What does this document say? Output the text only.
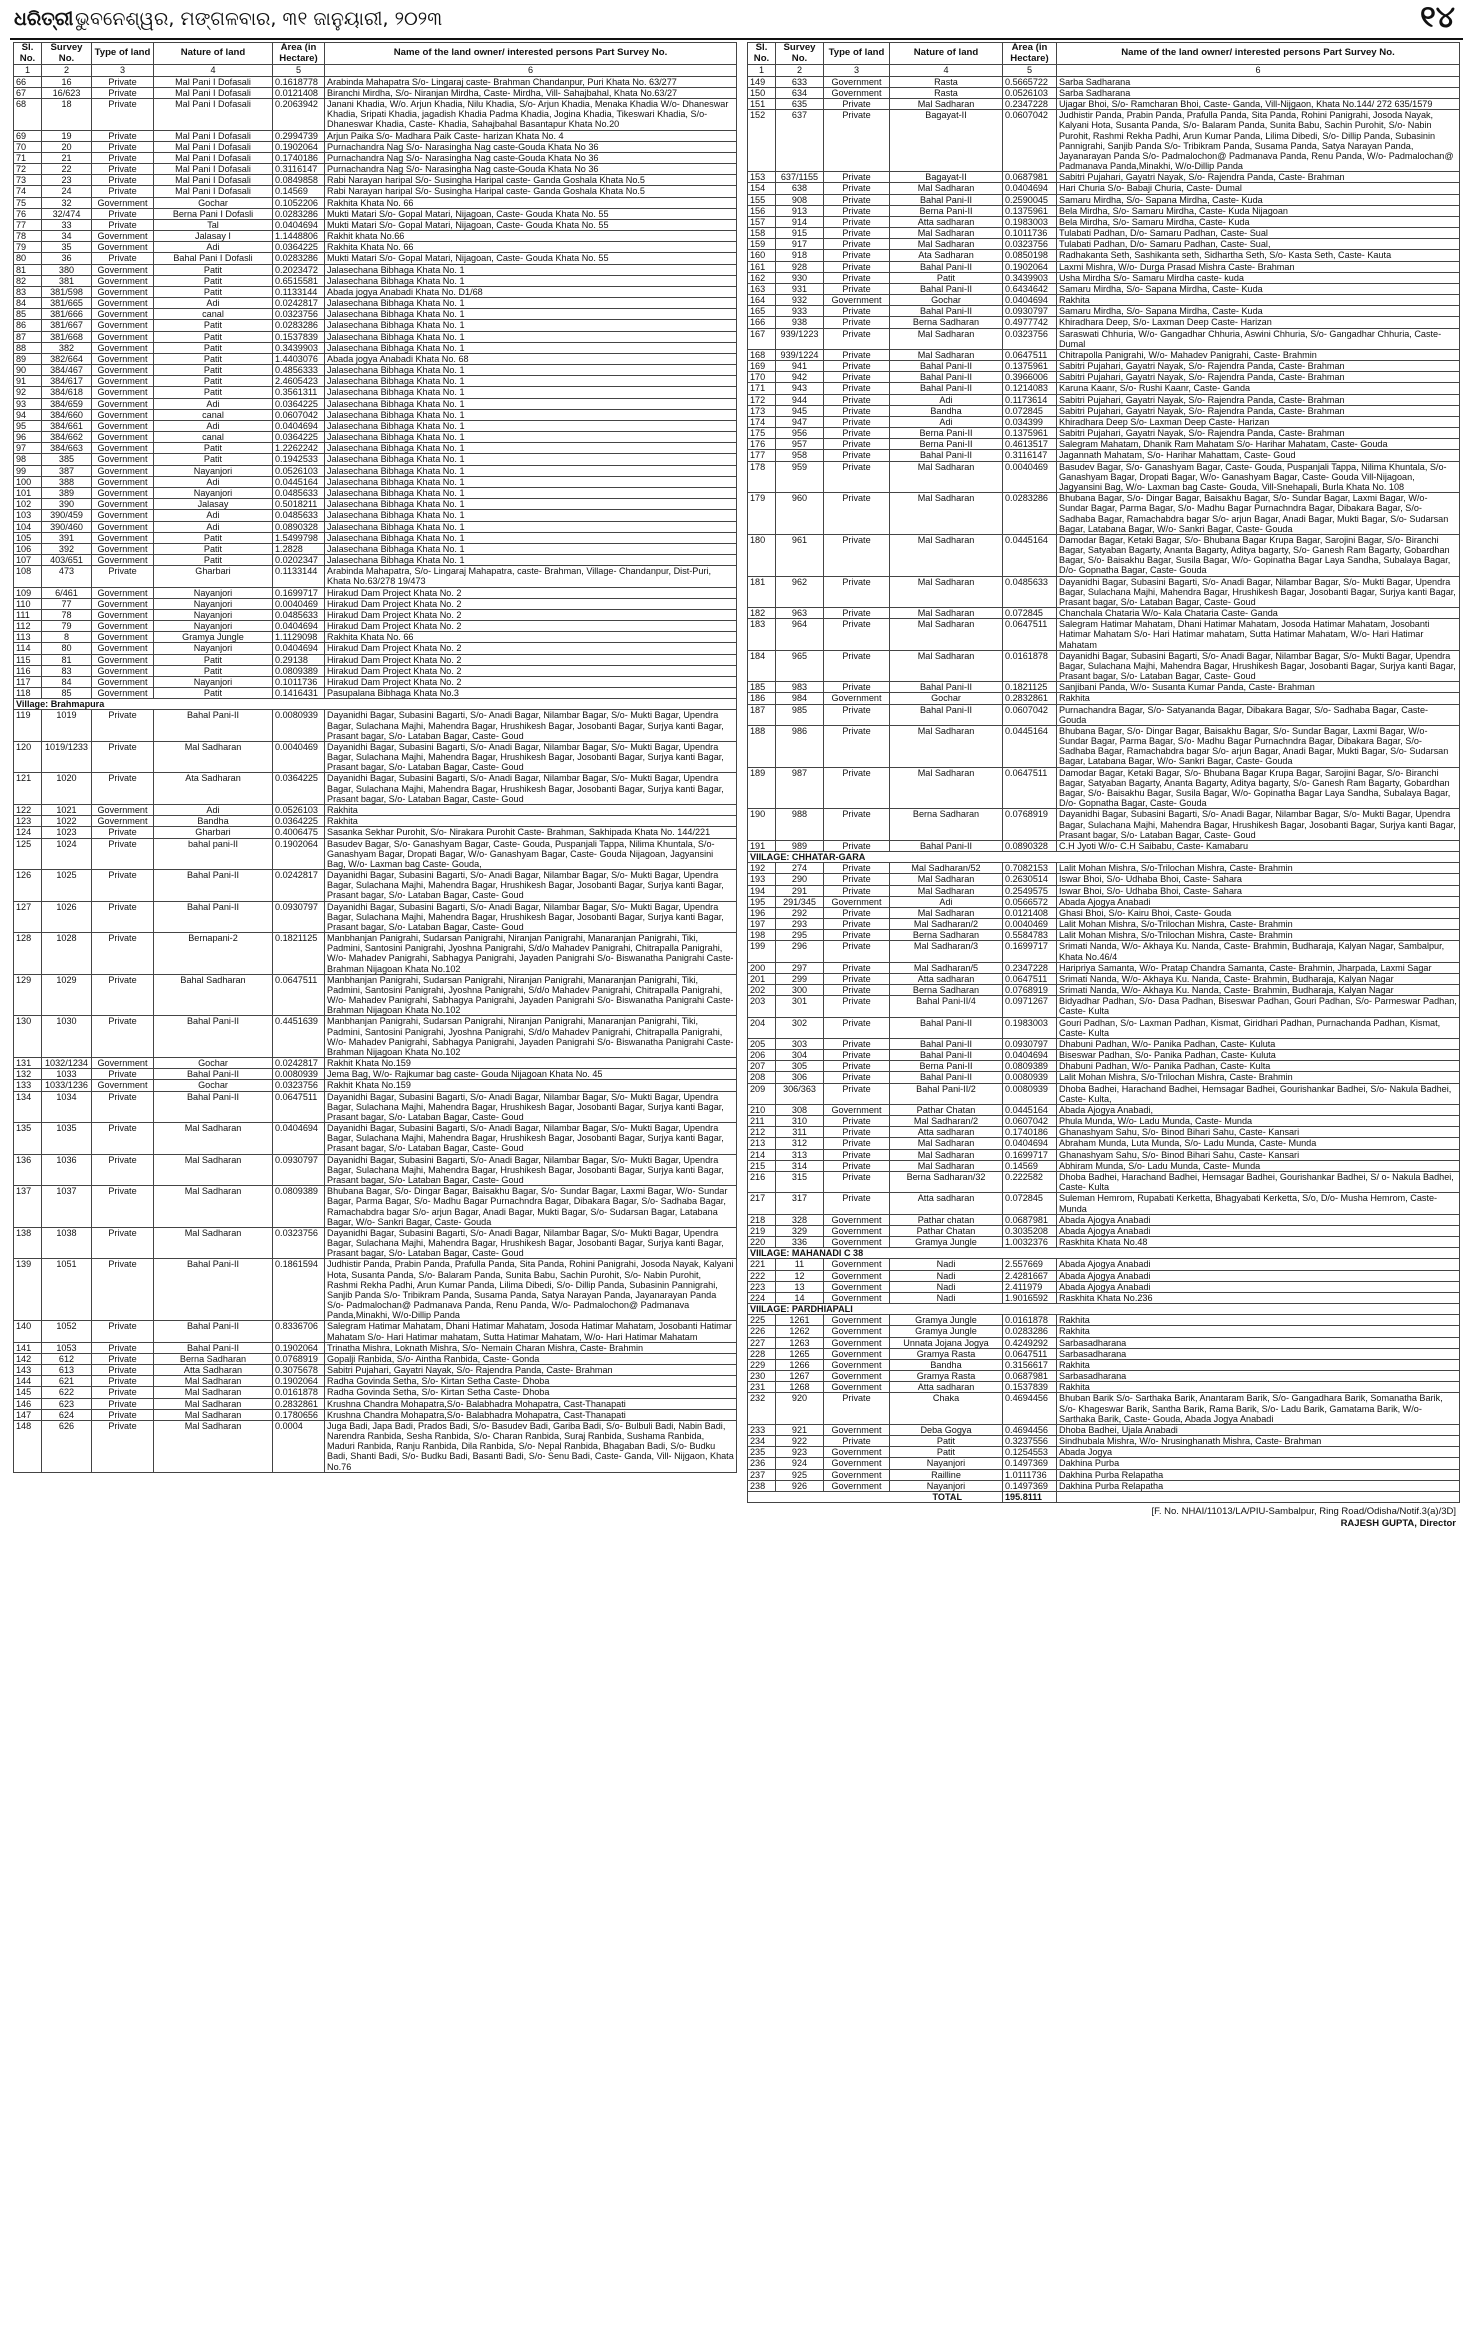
ଧରିତ୍ରୀ ଭୁବନେଶ୍ୱର, ମଙ୍ଗଳବାର, ୩୧ ଜାନୁୟାରୀ, ୨୦୨୩	୧୪
Sl. No.	Survey No.	Type of land	Nature of land	Area (in Hectare)	Name of the land owner/ interested persons Part Survey No.
1	2	3	4	5	6
66	16	Private	Mal Pani I Dofasali	0.1618778	Arabinda Mahapatra S/o- Lingaraj caste- Brahman Chandanpur, Puri Khata No. 63/277
67	16/623	Private	Mal Pani I Dofasali	0.0121408	Biranchi Mirdha, S/o- Niranjan Mirdha, Caste- Mirdha, Vill- Sahajbahal, Khata No.63/27
68	18	Private	Mal Pani I Dofasali	0.2063942	Janani Khadia, W/o. Arjun Khadia, Nilu Khadia, S/o- Arjun Khadia, Menaka Khadia W/o- Dhaneswar Khadia, Sripati Khadia, jagadish Khadia Padma Khadia, Jogina Khadia, Tikeswari Khadia, S/o- Dhaneswar Khadia, Caste- Khadia, Sahajbahal Basantapur Khata No.20
69	19	Private	Mal Pani I Dofasali	0.2994739	Arjun Paika S/o- Madhara Paik Caste- harizan Khata No. 4
70	20	Private	Mal Pani I Dofasali	0.1902064	Purnachandra Nag S/o- Narasingha Nag caste-Gouda Khata No 36
71	21	Private	Mal Pani I Dofasali	0.1740186	Purnachandra Nag S/o- Narasingha Nag caste-Gouda Khata No 36
72	22	Private	Mal Pani I Dofasali	0.3116147	Purnachandra Nag S/o- Narasingha Nag caste-Gouda Khata No 36
73	23	Private	Mal Pani I Dofasali	0.0849858	Rabi Narayan haripal S/o- Susingha Haripal caste- Ganda Goshala Khata No.5
74	24	Private	Mal Pani I Dofasali	0.14569	Rabi Narayan haripal S/o- Susingha Haripal caste- Ganda Goshala Khata No.5
75	32	Government	Gochar	0.1052206	Rakhita Khata No. 66
76	32/474	Private	Berna Pani I Dofasli	0.0283286	Mukti Matari S/o- Gopal Matari, Nijagoan, Caste- Gouda Khata No. 55
77	33	Private	Tal	0.0404694	Mukti Matari S/o- Gopal Matari, Nijagoan, Caste- Gouda Khata No. 55
78	34	Government	Jalasay I	1.1448806	Rakhit khata No.66
79	35	Government	Adi	0.0364225	Rakhita Khata No. 66
80	36	Private	Bahal Pani I Dofasli	0.0283286	Mukti Matari S/o- Gopal Matari, Nijagoan, Caste- Gouda Khata No. 55
81	380	Government	Patit	0.2023472	Jalasechana Bibhaga Khata No. 1
82	381	Government	Patit	0.6515581	Jalasechana Bibhaga Khata No. 1
83	381/598	Government	Patit	0.1133144	Abada jogya Anabadi Khata No. D1/68
84	381/665	Government	Adi	0.0242817	Jalasechana Bibhaga Khata No. 1
85	381/666	Government	canal	0.0323756	Jalasechana Bibhaga Khata No. 1
86	381/667	Government	Patit	0.0283286	Jalasechana Bibhaga Khata No. 1
87	381/668	Government	Patit	0.1537839	Jalasechana Bibhaga Khata No. 1
88	382	Government	Patit	0.3439903	Jalasechana Bibhaga Khata No. 1
89	382/664	Government	Patit	1.4403076	Abada jogya Anabadi Khata No. 68
90	384/467	Government	Patit	0.4856333	Jalasechana Bibhaga Khata No. 1
91	384/617	Government	Patit	2.4605423	Jalasechana Bibhaga Khata No. 1
92	384/618	Government	Patit	0.3561311	Jalasechana Bibhaga Khata No. 1
93	384/659	Government	Adi	0.0364225	Jalasechana Bibhaga Khata No. 1
94	384/660	Government	canal	0.0607042	Jalasechana Bibhaga Khata No. 1
95	384/661	Government	Adi	0.0404694	Jalasechana Bibhaga Khata No. 1
96	384/662	Government	canal	0.0364225	Jalasechana Bibhaga Khata No. 1
97	384/663	Government	Patit	1.2262242	Jalasechana Bibhaga Khata No. 1
98	385	Government	Patit	0.1942533	Jalasechana Bibhaga Khata No. 1
99	387	Government	Nayanjori	0.0526103	Jalasechana Bibhaga Khata No. 1
100	388	Government	Adi	0.0445164	Jalasechana Bibhaga Khata No. 1
101	389	Government	Nayanjori	0.0485633	Jalasechana Bibhaga Khata No. 1
102	390	Government	Jalasay	0.5018211	Jalasechana Bibhaga Khata No. 1
103	390/459	Government	Adi	0.0485633	Jalasechana Bibhaga Khata No. 1
104	390/460	Government	Adi	0.0890328	Jalasechana Bibhaga Khata No. 1
105	391	Government	Patit	1.5499798	Jalasechana Bibhaga Khata No. 1
106	392	Government	Patit	1.2828	Jalasechana Bibhaga Khata No. 1
107	403/651	Government	Patit	0.0202347	Jalasechana Bibhaga Khata No. 1
108	473	Private	Gharbari	0.1133144	Arabinda Mahapatra, S/o- Lingaraj Mahapatra, caste- Brahman, Village- Chandanpur, Dist-Puri, Khata No.63/278 19/473
109	6/461	Government	Nayanjori	0.1699717	Hirakud Dam Project Khata No. 2
110	77	Government	Nayanjori	0.0040469	Hirakud Dam Project Khata No. 2
111	78	Government	Nayanjori	0.0485633	Hirakud Dam Project Khata No. 2
112	79	Government	Nayanjori	0.0404694	Hirakud Dam Project Khata No. 2
113	8	Government	Gramya Jungle	1.1129098	Rakhita Khata No. 66
114	80	Government	Nayanjori	0.0404694	Hirakud Dam Project Khata No. 2
115	81	Government	Patit	0.29138	Hirakud Dam Project Khata No. 2
116	83	Government	Patit	0.0809389	Hirakud Dam Project Khata No. 2
117	84	Government	Nayanjori	0.1011736	Hirakud Dam Project Khata No. 2
118	85	Government	Patit	0.1416431	Pasupalana Bibhaga Khata No.3
Village: Brahmapura					
119	1019	Private	Bahal Pani-II	0.0080939	Dayanidhi Bagar, Subasini Bagarti, S/o- Anadi Bagar, Nilambar Bagar, S/o- Mukti Bagar, Upendra Bagar, Sulachana Majhi, Mahendra Bagar, Hrushikesh Bagar, Josobanti Bagar, Surjya kanti Bagar, Prasant bagar, S/o- Lataban Bagar, Caste- Goud
120	1019/1233	Private	Mal Sadharan	0.0040469	Dayanidhi Bagar, Subasini Bagarti, S/o- Anadi Bagar, Nilambar Bagar, S/o- Mukti Bagar, Upendra Bagar, Sulachana Majhi, Mahendra Bagar, Hrushikesh Bagar, Josobanti Bagar, Surjya kanti Bagar, Prasant bagar, S/o- Lataban Bagar, Caste- Goud
121	1020	Private	Ata Sadharan	0.0364225	Dayanidhi Bagar, Subasini Bagarti, S/o- Anadi Bagar, Nilambar Bagar, S/o- Mukti Bagar, Upendra Bagar, Sulachana Majhi, Mahendra Bagar, Hrushikesh Bagar, Josobanti Bagar, Surjya kanti Bagar, Prasant bagar, S/o- Lataban Bagar, Caste- Goud
122	1021	Government	Adi	0.0526103	Rakhita
123	1022	Government	Bandha	0.0364225	Rakhita
124	1023	Private	Gharbari	0.4006475	Sasanka Sekhar Purohit, S/o- Nirakara Purohit Caste- Brahman, Sakhipada Khata No. 144/221
125	1024	Private	bahal pani-II	0.1902064	Basudev Bagar, S/o- Ganashyam Bagar, Caste- Gouda, Puspanjali Tappa, Nilima Khuntala, S/o- Ganashyam Bagar, Dropati Bagar, W/o- Ganashyam Bagar, Caste- Gouda Nijagoan, Jagyansini Bag, W/o- Laxman bag Caste- Gouda,
126	1025	Private	Bahal Pani-II	0.0242817	Dayanidhi Bagar, Subasini Bagarti, S/o- Anadi Bagar, Nilambar Bagar, S/o- Mukti Bagar, Upendra Bagar, Sulachana Majhi, Mahendra Bagar, Hrushikesh Bagar, Josobanti Bagar, Surjya kanti Bagar, Prasant bagar, S/o- Lataban Bagar, Caste- Goud
127	1026	Private	Bahal Pani-II	0.0930797	Dayanidhi Bagar, Subasini Bagarti, S/o- Anadi Bagar, Nilambar Bagar, S/o- Mukti Bagar, Upendra Bagar, Sulachana Majhi, Mahendra Bagar, Hrushikesh Bagar, Josobanti Bagar, Surjya kanti Bagar, Prasant bagar, S/o- Lataban Bagar, Caste- Goud
128	1028	Private	Bernapani-2	0.1821125	Manbhanjan Panigrahi, Sudarsan Panigrahi, Niranjan Panigrahi, Manaranjan Panigrahi, Tiki, Padmini, Santosini Panigrahi, Jyoshna Panigrahi, S/d/o Mahadev Panigrahi, Chitrapalla Panigrahi, W/o- Mahadev Panigrahi, Sabhagya Panigrahi, Jayaden Panigrahi S/o- Biswanatha Panigrahi Caste- Brahman Nijagoan Khata No.102
129	1029	Private	Bahal Sadharan	0.0647511	Manbhanjan Panigrahi, Sudarsan Panigrahi, Niranjan Panigrahi, Manaranjan Panigrahi, Tiki, Padmini, Santosini Panigrahi, Jyoshna Panigrahi, S/d/o Mahadev Panigrahi, Chitrapalla Panigrahi, W/o- Mahadev Panigrahi, Sabhagya Panigrahi, Jayaden Panigrahi S/o- Biswanatha Panigrahi Caste- Brahman Nijagoan Khata No.102
130	1030	Private	Bahal Pani-II	0.4451639	Manbhanjan Panigrahi, Sudarsan Panigrahi, Niranjan Panigrahi, Manaranjan Panigrahi, Tiki, Padmini, Santosini Panigrahi, Jyoshna Panigrahi, S/d/o Mahadev Panigrahi, Chitrapalla Panigrahi, W/o- Mahadev Panigrahi, Sabhagya Panigrahi, Jayaden Panigrahi S/o- Biswanatha Panigrahi Caste- Brahman Nijagoan Khata No.102
131	1032/1234	Government	Gochar	0.0242817	Rakhit Khata No.159
132	1033	Private	Bahal Pani-II	0.0080939	Jema Bag, W/o- Rajkumar bag caste- Gouda Nijagoan Khata No. 45
133	1033/1236	Government	Gochar	0.0323756	Rakhit Khata No.159
134	1034	Private	Bahal Pani-II	0.0647511	Dayanidhi Bagar, Subasini Bagarti, S/o- Anadi Bagar, Nilambar Bagar, S/o- Mukti Bagar, Upendra Bagar, Sulachana Majhi, Mahendra Bagar, Hrushikesh Bagar, Josobanti Bagar, Surjya kanti Bagar, Prasant bagar, S/o- Lataban Bagar, Caste- Goud
135	1035	Private	Mal Sadharan	0.0404694	Dayanidhi Bagar, Subasini Bagarti, S/o- Anadi Bagar, Nilambar Bagar, S/o- Mukti Bagar, Upendra Bagar, Sulachana Majhi, Mahendra Bagar, Hrushikesh Bagar, Josobanti Bagar, Surjya kanti Bagar, Prasant bagar, S/o- Lataban Bagar, Caste- Goud
136	1036	Private	Mal Sadharan	0.0930797	Dayanidhi Bagar, Subasini Bagarti, S/o- Anadi Bagar, Nilambar Bagar, S/o- Mukti Bagar, Upendra Bagar, Sulachana Majhi, Mahendra Bagar, Hrushikesh Bagar, Josobanti Bagar, Surjya kanti Bagar, Prasant bagar, S/o- Lataban Bagar, Caste- Goud
137	1037	Private	Mal Sadharan	0.0809389	Bhubana Bagar, S/o- Dingar Bagar, Baisakhu Bagar, S/o- Sundar Bagar, Laxmi Bagar, W/o- Sundar Bagar, Parma Bagar, S/o- Madhu Bagar Purnachndra Bagar, Dibakara Bagar, S/o- Sadhaba Bagar, Ramachabdra bagar S/o- arjun Bagar, Anadi Bagar, Mukti Bagar, S/o- Sudarsan Bagar, Latabana Bagar, W/o- Sankri Bagar, Caste- Gouda
138	1038	Private	Mal Sadharan	0.0323756	Dayanidhi Bagar, Subasini Bagarti, S/o- Anadi Bagar, Nilambar Bagar, S/o- Mukti Bagar, Upendra Bagar, Sulachana Majhi, Mahendra Bagar, Hrushikesh Bagar, Josobanti Bagar, Surjya kanti Bagar, Prasant bagar, S/o- Lataban Bagar, Caste- Goud
139	1051	Private	Bahal Pani-II	0.1861594	Judhistir Panda, Prabin Panda, Prafulla Panda, Sita Panda, Rohini Panigrahi, Josoda Nayak, Kalyani Hota, Susanta Panda, S/o- Balaram Panda, Sunita Babu, Sachin Purohit, S/o- Nabin Purohit, Rashmi Rekha Padhi, Arun Kumar Panda, Lilima Dibedi, S/o- Dillip Panda, Subasinin Pannigrahi, Sanjib Panda S/o- Tribikram Panda, Susama Panda, Satya Narayan Panda, Jayanarayan Panda S/o- Padmalochan@ Padmanava Panda, Renu Panda, W/o- Padmalochon@ Padmanava Panda,Minakhi, W/o-Dillip Panda
140	1052	Private	Bahal Pani-II	0.8336706	Salegram Hatimar Mahatam, Dhani Hatimar Mahatam, Josoda Hatimar Mahatam, Josobanti Hatimar Mahatam S/o- Hari Hatimar mahatam, Sutta Hatimar Mahatam, W/o- Hari Hatimar Mahatam
141	1053	Private	Bahal Pani-II	0.1902064	Trinatha Mishra, Loknath Mishra, S/o- Nemain Charan Mishra, Caste- Brahmin
142	612	Private	Berna Sadharan	0.0768919	Gopalji Ranbida, S/o- Aintha Ranbida, Caste- Gonda
143	613	Private	Atta Sadharan	0.3075678	Sabitri Pujahari, Gayatri Nayak, S/o- Rajendra Panda, Caste- Brahman
144	621	Private	Mal Sadharan	0.1902064	Radha Govinda Setha, S/o- Kirtan Setha Caste- Dhoba
145	622	Private	Mal Sadharan	0.0161878	Radha Govinda Setha, S/o- Kirtan Setha Caste- Dhoba
146	623	Private	Mal Sadharan	0.2832861	Krushna Chandra Mohapatra,S/o- Balabhadra Mohapatra, Cast-Thanapati
147	624	Private	Mal Sadharan	0.1780656	Krushna Chandra Mohapatra,S/o- Balabhadra Mohapatra, Cast-Thanapati
148	626	Private	Mal Sadharan	0.0004	Juga Badi, Japa Badi, Prados Badi, S/o- Basudev Badi, Gariba Badi, S/o- Bulbuli Badi, Nabin Badi, Narendra Ranbida, Sesha Ranbida, S/o- Charan Ranbida, Suraj Ranbida, Sushama Ranbida, Maduri Ranbida, Ranju Ranbida, Dila Ranbida, S/o- Nepal Ranbida, Bhagaban Badi, S/o- Budku Badi, Shanti Badi, S/o- Budku Badi, Basanti Badi, S/o- Senu Badi, Caste- Ganda, Vill- Nijgaon, Khata No.76
Sl. No.	Survey No.	Type of land	Nature of land	Area (in Hectare)	Name of the land owner/ interested persons Part Survey No.
1	2	3	4	5	6
149	633	Government	Rasta	0.5665722	Sarba Sadharana
150	634	Government	Rasta	0.0526103	Sarba Sadharana
151	635	Private	Mal Sadharan	0.2347228	Ujagar Bhoi, S/o- Ramcharan Bhoi, Caste- Ganda, Vill-Nijgaon, Khata No.144/ 272 635/1579
152	637	Private	Bagayat-II	0.0607042	Judhistir Panda, Prabin Panda, Prafulla Panda, Sita Panda, Rohini Panigrahi, Josoda Nayak, Kalyani Hota, Susanta Panda, S/o- Balaram Panda, Sunita Babu, Sachin Purohit, S/o- Nabin Purohit, Rashmi Rekha Padhi, Arun Kumar Panda, Lilima Dibedi, S/o- Dillip Panda, Subasinin Pannigrahi, Sanjib Panda S/o- Tribikram Panda, Susama Panda, Satya Narayan Panda, Jayanarayan Panda S/o- Padmalochon@ Padmanava Panda, Renu Panda, W/o- Padmalochan@ Padmanava Panda,Minakhi, W/o-Dillip Panda
153	637/1155	Private	Bagayat-II	0.0687981	Sabitri Pujahari, Gayatri Nayak, S/o- Rajendra Panda, Caste- Brahman
154	638	Private	Mal Sadharan	0.0404694	Hari Churia S/o- Babaji Churia, Caste- Dumal
155	908	Private	Bahal Pani-II	0.2590045	Samaru Mirdha, S/o- Sapana Mirdha, Caste- Kuda
156	913	Private	Berna Pani-II	0.1375961	Bela Mirdha, S/o- Samaru Mirdha, Caste- Kuda Nijagoan
157	914	Private	Atta sadharan	0.1983003	Bela Mirdha, S/o- Samaru Mirdha, Caste- Kuda
158	915	Private	Mal Sadharan	0.1011736	Tulabati Padhan, D/o- Samaru Padhan, Caste- Sual
159	917	Private	Mal Sadharan	0.0323756	Tulabati Padhan, D/o- Samaru Padhan, Caste- Sual,
160	918	Private	Ata Sadharan	0.0850198	Radhakanta Seth, Sashikanta seth, Sidhartha Seth, S/o- Kasta Seth, Caste- Kauta
161	928	Private	Bahal Pani-II	0.1902064	Laxmi Mishra, W/o- Durga Prasad Mishra Caste- Brahman
162	930	Private	Patit	0.3439903	Usha Mirdha S/o- Samaru Mirdha caste- kuda
163	931	Private	Bahal Pani-II	0.6434642	Samaru Mirdha, S/o- Sapana Mirdha, Caste- Kuda
164	932	Government	Gochar	0.0404694	Rakhita
165	933	Private	Bahal Pani-II	0.0930797	Samaru Mirdha, S/o- Sapana Mirdha, Caste- Kuda
166	938	Private	Berna Sadharan	0.4977742	Khiradhara Deep, S/o- Laxman Deep Caste- Harizan
167	939/1223	Private	Mal Sadharan	0.0323756	Saraswati Chhuria, W/o- Gangadhar Chhuria, Aswini Chhuria, S/o- Gangadhar Chhuria, Caste- Dumal
168	939/1224	Private	Mal Sadharan	0.0647511	Chitrapolla Panigrahi, W/o- Mahadev Panigrahi, Caste- Brahmin
169	941	Private	Bahal Pani-II	0.1375961	Sabitri Pujahari, Gayatri Nayak, S/o- Rajendra Panda, Caste- Brahman
170	942	Private	Bahal Pani-II	0.3966006	Sabitri Pujahari, Gayatri Nayak, S/o- Rajendra Panda, Caste- Brahman
171	943	Private	Bahal Pani-II	0.1214083	Karuna Kaanr, S/o- Rushi Kaanr, Caste- Ganda
172	944	Private	Adi	0.1173614	Sabitri Pujahari, Gayatri Nayak, S/o- Rajendra Panda, Caste- Brahman
173	945	Private	Bandha	0.072845	Sabitri Pujahari, Gayatri Nayak, S/o- Rajendra Panda, Caste- Brahman
174	947	Private	Adi	0.034399	Khiradhara Deep S/o- Laxman Deep Caste- Harizan
175	956	Private	Berna Pani-II	0.1375961	Sabitri Pujahari, Gayatri Nayak, S/o- Rajendra Panda, Caste- Brahman
176	957	Private	Berna Pani-II	0.4613517	Salegram Mahatam, Dhanik Ram Mahatam S/o- Harihar Mahatam, Caste- Gouda
177	958	Private	Bahal Pani-II	0.3116147	Jagannath Mahatam, S/o- Harihar Mahattam, Caste- Goud
178	959	Private	Mal Sadharan	0.0040469	Basudev Bagar, S/o- Ganashyam Bagar, Caste- Gouda, Puspanjali Tappa, Nilima Khuntala, S/o- Ganashyam Bagar, Dropati Bagar, W/o- Ganashyam Bagar, Caste- Gouda Vill-Nijagoan, Jagyansini Bag, W/o- Laxman bag Caste- Gouda, Vill-Snehapali, Burla Khata No. 108
179	960	Private	Mal Sadharan	0.0283286	Bhubana Bagar, S/o- Dingar Bagar, Baisakhu Bagar, S/o- Sundar Bagar, Laxmi Bagar, W/o- Sundar Bagar, Parma Bagar, S/o- Madhu Bagar Purnachndra Bagar, Dibakara Bagar, S/o- Sadhaba Bagar, Ramachabdra bagar S/o- arjun Bagar, Anadi Bagar, Mukti Bagar, S/o- Sudarsan Bagar, Latabana Bagar, W/o- Sankri Bagar, Caste- Gouda
180	961	Private	Mal Sadharan	0.0445164	Damodar Bagar, Ketaki Bagar, S/o- Bhubana Bagar Krupa Bagar, Sarojini Bagar, S/o- Biranchi Bagar, Satyaban Bagarty, Ananta Bagarty, Aditya bagarty, S/o- Ganesh Ram Bagarty, Gobardhan Bagar, S/o- Baisakhu Bagar, Susila Bagar, W/o- Gopinatha Bagar Laya Sandha, Subalaya Bagar, D/o- Gopnatha Bagar, Caste- Gouda
181	962	Private	Mal Sadharan	0.0485633	Dayanidhi Bagar, Subasini Bagarti, S/o- Anadi Bagar, Nilambar Bagar, S/o- Mukti Bagar, Upendra Bagar, Sulachana Majhi, Mahendra Bagar, Hrushikesh Bagar, Josobanti Bagar, Surjya kanti Bagar, Prasant bagar, S/o- Lataban Bagar, Caste- Goud
182	963	Private	Mal Sadharan	0.072845	Chanchala Chataria W/o- Kala Chataria Caste- Ganda
183	964	Private	Mal Sadharan	0.0647511	Salegram Hatimar Mahatam, Dhani Hatimar Mahatam, Josoda Hatimar Mahatam, Josobanti Hatimar Mahatam S/o- Hari Hatimar mahatam, Sutta Hatimar Mahatam, W/o- Hari Hatimar Mahatam
184	965	Private	Mal Sadharan	0.0161878	Dayanidhi Bagar, Subasini Bagarti, S/o- Anadi Bagar, Nilambar Bagar, S/o- Mukti Bagar, Upendra Bagar, Sulachana Majhi, Mahendra Bagar, Hrushikesh Bagar, Josobanti Bagar, Surjya kanti Bagar, Prasant bagar, S/o- Lataban Bagar, Caste- Goud
185	983	Private	Bahal Pani-II	0.1821125	Sanjibani Panda, W/o- Susanta Kumar Panda, Caste- Brahman
186	984	Government	Gochar	0.2832861	Rakhita
187	985	Private	Bahal Pani-II	0.0607042	Purnachandra Bagar, S/o- Satyananda Bagar, Dibakara Bagar, S/o- Sadhaba Bagar, Caste- Gouda
188	986	Private	Mal Sadharan	0.0445164	Bhubana Bagar, S/o- Dingar Bagar, Baisakhu Bagar, S/o- Sundar Bagar, Laxmi Bagar, W/o- Sundar Bagar, Parma Bagar, S/o- Madhu Bagar Purnachndra Bagar, Dibakara Bagar, S/o- Sadhaba Bagar, Ramachabdra bagar S/o- arjun Bagar, Anadi Bagar, Mukti Bagar, S/o- Sudarsan Bagar, Latabana Bagar, W/o- Sankri Bagar, Caste- Gouda
189	987	Private	Mal Sadharan	0.0647511	Damodar Bagar, Ketaki Bagar, S/o- Bhubana Bagar Krupa Bagar, Sarojini Bagar, S/o- Biranchi Bagar, Satyaban Bagarty, Ananta Bagarty, Aditya bagarty, S/o- Ganesh Ram Bagarty, Gobardhan Bagar, S/o- Baisakhu Bagar, Susila Bagar, W/o- Gopinatha Bagar Laya Sandha, Subalaya Bagar, D/o- Gopnatha Bagar, Caste- Gouda
190	988	Private	Berna Sadharan	0.0768919	Dayanidhi Bagar, Subasini Bagarti, S/o- Anadi Bagar, Nilambar Bagar, S/o- Mukti Bagar, Upendra Bagar, Sulachana Majhi, Mahendra Bagar, Hrushikesh Bagar, Josobanti Bagar, Surjya kanti Bagar, Prasant bagar, S/o- Lataban Bagar, Caste- Goud
191	989	Private	Bahal Pani-II	0.0890328	C.H Jyoti W/o- C.H Saibabu, Caste- Kamabaru
VIILAGE: CHHATAR-GARA					
192	274	Private	Mal Sadharan/52	0.7082153	Lalit Mohan Mishra, S/o-Trilochan Mishra, Caste- Brahmin
193	290	Private	Mal Sadharan	0.2630514	Iswar Bhoi, S/o- Udhaba Bhoi, Caste- Sahara
194	291	Private	Mal Sadharan	0.2549575	Iswar Bhoi, S/o- Udhaba Bhoi, Caste- Sahara
195	291/345	Government	Adi	0.0566572	Abada Ajogya Anabadi
196	292	Private	Mal Sadharan	0.0121408	Ghasi Bhoi, S/o- Kairu Bhoi, Caste- Gouda
197	293	Private	Mal Sadharan/2	0.0040469	Lalit Mohan Mishra, S/o-Trilochan Mishra, Caste- Brahmin
198	295	Private	Berna Sadharan	0.5584783	Lalit Mohan Mishra, S/o-Trilochan Mishra, Caste- Brahmin
199	296	Private	Mal Sadharan/3	0.1699717	Srimati Nanda, W/o- Akhaya Ku. Nanda, Caste- Brahmin, Budharaja, Kalyan Nagar, Sambalpur, Khata No.46/4
200	297	Private	Mal Sadharan/5	0.2347228	Haripriya Samanta, W/o- Pratap Chandra Samanta, Caste- Brahmin, Jharpada, Laxmi Sagar
201	299	Private	Atta sadharan	0.0647511	Srimati Nanda, W/o- Akhaya Ku. Nanda, Caste- Brahmin, Budharaja, Kalyan Nagar
202	300	Private	Berna Sadharan	0.0768919	Srimati Nanda, W/o- Akhaya Ku. Nanda, Caste- Brahmin, Budharaja, Kalyan Nagar
203	301	Private	Bahal Pani-II/4	0.0971267	Bidyadhar Padhan, S/o- Dasa Padhan, Biseswar Padhan, Gouri Padhan, S/o- Parmeswar Padhan, Caste- Kulta
204	302	Private	Bahal Pani-II	0.1983003	Gouri Padhan, S/o- Laxman Padhan, Kismat, Giridhari Padhan, Purnachanda Padhan, Kismat, Caste- Kulta
205	303	Private	Bahal Pani-II	0.0930797	Dhabuni Padhan, W/o- Panika Padhan, Caste- Kuluta
206	304	Private	Bahal Pani-II	0.0404694	Biseswar Padhan, S/o- Panika Padhan, Caste- Kuluta
207	305	Private	Berna Pani-II	0.0809389	Dhabuni Padhan, W/o- Panika Padhan, Caste- Kulta
208	306	Private	Bahal Pani-II	0.0080939	Lalit Mohan Mishra, S/o-Trilochan Mishra, Caste- Brahmin
209	306/363	Private	Bahal Pani-II/2	0.0080939	Dhoba Badhei, Harachand Badhei, Hemsagar Badhei, Gourishankar Badhei, S/o- Nakula Badhei, Caste- Kulta,
210	308	Government	Pathar Chatan	0.0445164	Abada Ajogya Anabadi,
211	310	Private	Mal Sadharan/2	0.0607042	Phula Munda, W/o- Ladu Munda, Caste- Munda
212	311	Private	Atta sadharan	0.1740186	Ghanashyam Sahu, S/o- Binod Bihari Sahu, Caste- Kansari
213	312	Private	Mal Sadharan	0.0404694	Abraham Munda, Luta Munda, S/o- Ladu Munda, Caste- Munda
214	313	Private	Mal Sadharan	0.1699717	Ghanashyam Sahu, S/o- Binod Bihari Sahu, Caste- Kansari
215	314	Private	Mal Sadharan	0.14569	Abhiram Munda, S/o- Ladu Munda, Caste- Munda
216	315	Private	Berna Sadharan/32	0.222582	Dhoba Badhei, Harachand Badhei, Hemsagar Badhei, Gourishankar Badhei, S/ o- Nakula Badhei, Caste- Kulta
217	317	Private	Atta sadharan	0.072845	Suleman Hemrom, Rupabati Kerketta, Bhagyabati Kerketta, S/o, D/o- Musha Hemrom, Caste- Munda
218	328	Government	Pathar chatan	0.0687981	Abada Ajogya Anabadi
219	329	Government	Pathar Chatan	0.3035208	Abada Ajogya Anabadi
220	336	Government	Gramya Jungle	1.0032376	Raskhita Khata No.48
VIILAGE: MAHANADI C 38					
221	11	Government	Nadi	2.557669	Abada Ajogya Anabadi
222	12	Government	Nadi	2.4281667	Abada Ajogya Anabadi
223	13	Government	Nadi	2.411979	Abada Ajogya Anabadi
224	14	Government	Nadi	1.9016592	Raskhita Khata No.236
VIILAGE: PARDHIAPALI					
225	1261	Government	Gramya Jungle	0.0161878	Rakhita
226	1262	Government	Gramya Jungle	0.0283286	Rakhita
227	1263	Government	Unnata Jojana Jogya	0.4249292	Sarbasadharana
228	1265	Government	Gramya Rasta	0.0647511	Sarbasadharana
229	1266	Government	Bandha	0.3156617	Rakhita
230	1267	Government	Gramya Rasta	0.0687981	Sarbasadharana
231	1268	Government	Atta sadharan	0.1537839	Rakhita
232	920	Private	Chaka	0.4694456	Bhuban Barik S/o- Sarthaka Barik, Anantaram Barik, S/o- Gangadhara Barik, Somanatha Barik, S/o- Khageswar Barik, Santha Barik, Rama Barik, S/o- Ladu Barik, Gamatama Barik, W/o- Sarthaka Barik, Caste- Gouda, Abada Jogya Anabadi
233	921	Government	Deba Gogya	0.4694456	Dhoba Badhei, Ujala Anabadi
234	922	Private	Patit	0.3237556	Sindhubala Mishra, W/o- Nrusinghanath Mishra, Caste- Brahman
235	923	Government	Patit	0.1254553	Abada Jogya
236	924	Government	Nayanjori	0.1497369	Dakhina Purba
237	925	Government	Railline	1.0111736	Dakhina Purba Relapatha
238	926	Government	Nayanjori	0.1497369	Dakhina Purba Relapatha
TOTAL				195.8111	
[F. No. NHAI/11013/LA/PIU-Sambalpur, Ring Road/Odisha/Notif.3(a)/3D]
RAJESH GUPTA, Director
